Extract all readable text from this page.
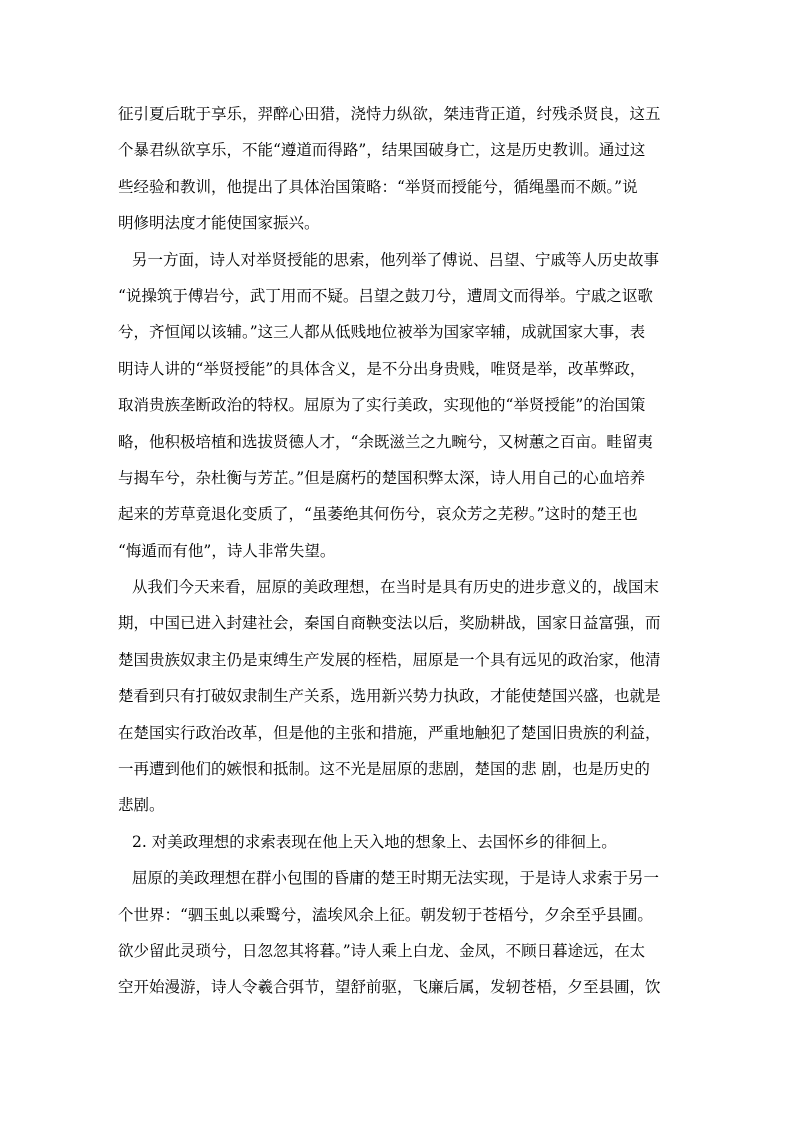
征引夏后耽于享乐，羿醉心田猎，浇恃力纵欲，桀违背正道，纣残杀贤良，这五
个暴君纵欲享乐，不能“遵道而得路”，结果国破身亡，这是历史教训。通过这
些经验和教训，他提出了具体治国策略：“举贤而授能兮，循绳墨而不颇。”说
明修明法度才能使国家振兴。
另一方面，诗人对举贤授能的思索，他列举了傅说、吕望、宁戚等人历史故事
“说操筑于傅岩兮，武丁用而不疑。吕望之鼓刀兮，遭周文而得举。宁戚之讴歌
兮，齐恒闻以该辅。”这三人都从低贱地位被举为国家宰辅，成就国家大事，表
明诗人讲的“举贤授能”的具体含义，是不分出身贵贱，唯贤是举，改革弊政，
取消贵族垄断政治的特权。屈原为了实行美政，实现他的“举贤授能”的治国策
略，他积极培植和选拔贤德人才，“余既滋兰之九畹兮，又树蕙之百亩。畦留夷
与揭车兮，杂杜衡与芳芷。”但是腐朽的楚国积弊太深，诗人用自己的心血培养
起来的芳草竟退化变质了，“虽萎绝其何伤兮，哀众芳之芜秽。”这时的楚王也
“悔遁而有他”，诗人非常失望。
从我们今天来看，屈原的美政理想，在当时是具有历史的进步意义的，战国末
期，中国已进入封建社会，秦国自商鞅变法以后，奖励耕战，国家日益富强，而
楚国贵族奴隶主仍是束缚生产发展的桎梏，屈原是一个具有远见的政治家，他清
楚看到只有打破奴隶制生产关系，选用新兴势力执政，才能使楚国兴盛，也就是
在楚国实行政治改革，但是他的主张和措施，严重地触犯了楚国旧贵族的利益，
一再遭到他们的嫉恨和抵制。这不光是屈原的悲剧，楚国的悲 剧，也是历史的
悲剧。
2. 对美政理想的求索表现在他上天入地的想象上、去国怀乡的徘徊上。
屈原的美政理想在群小包围的昏庸的楚王时期无法实现，于是诗人求索于另一
个世界：“驷玉虬以乘鹥兮，溘埃风余上征。朝发轫于苍梧兮，夕余至乎县圃。
欲少留此灵琐兮，日忽忽其将暮。”诗人乘上白龙、金凤，不顾日暮途远，在太
空开始漫游，诗人令羲合弭节，望舒前驱，飞廉后属，发轫苍梧，夕至县圃，饮
